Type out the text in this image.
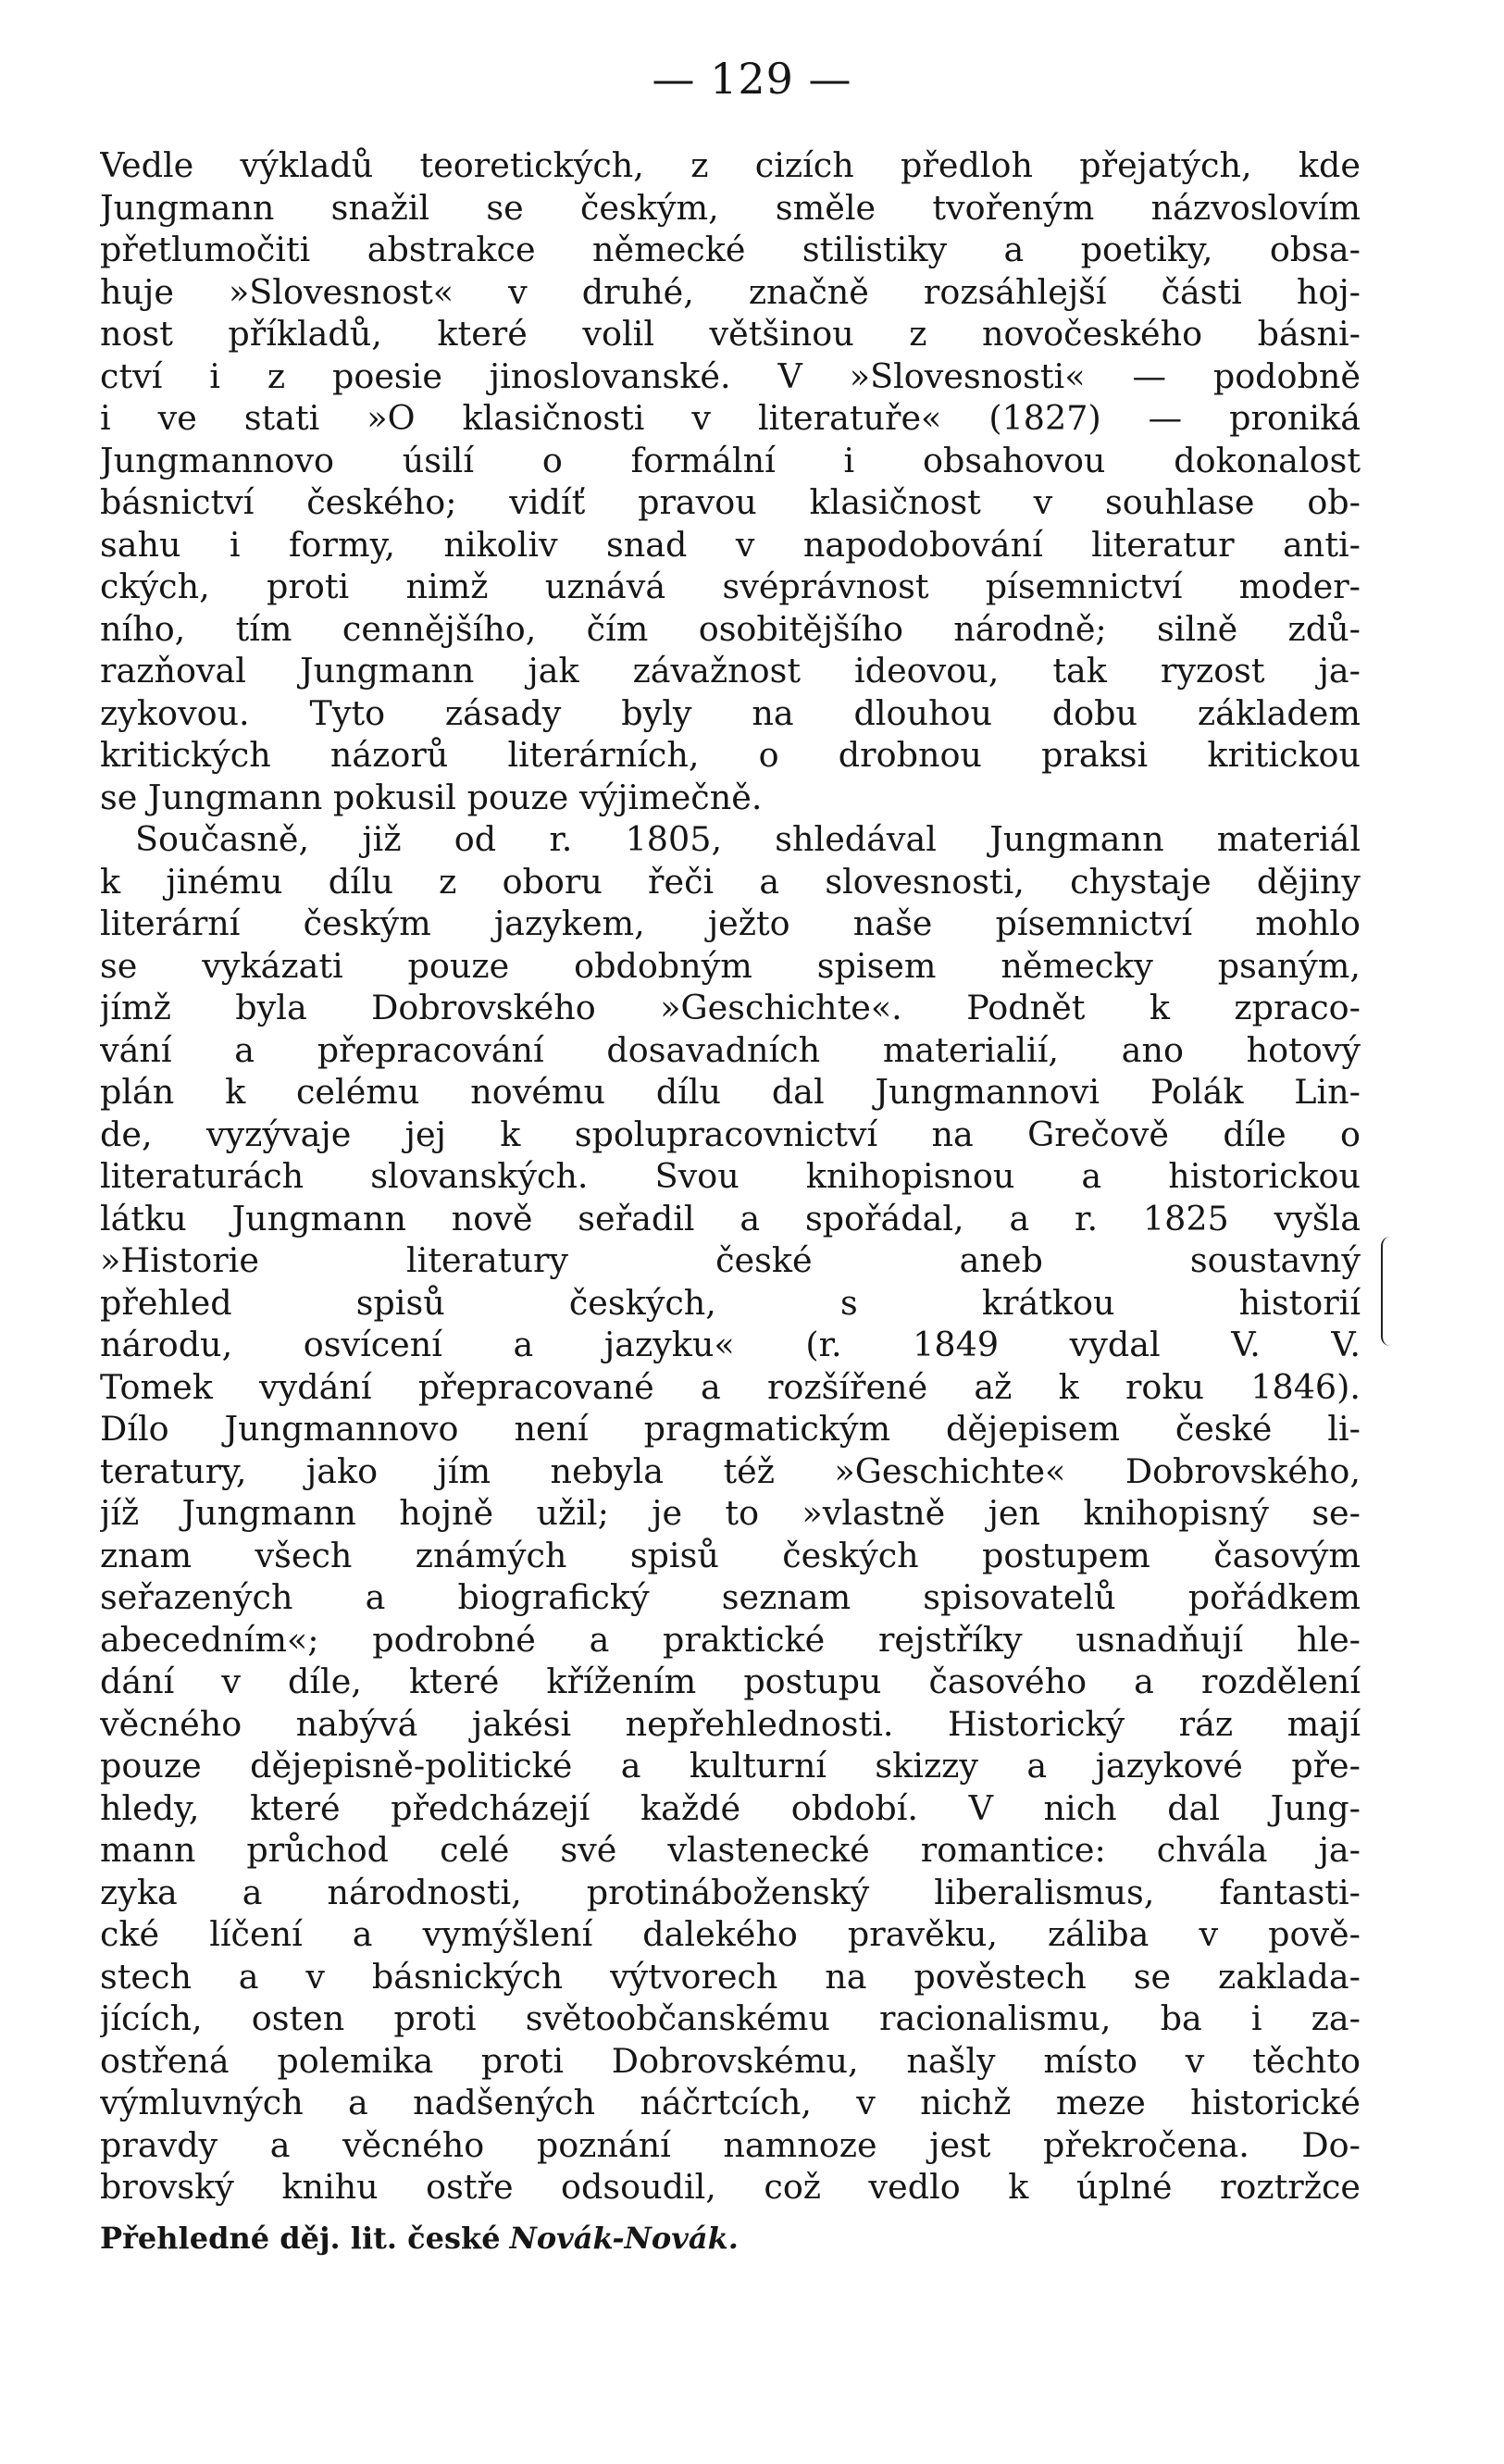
— 129 —
Vedle výkladů teoretických, z cizích předloh přejatých, kde
Jungmann snažil se českým, směle tvořeným názvoslovím
přetlumočiti abstrakce německé stilistiky a poetiky, obsa-
huje »Slovesnost« v druhé, značně rozsáhlejší části hoj-
nost příkladů, které volil většinou z novočeského básni-
ctví i z poesie jinoslovanské. V »Slovesnosti« — podobně
i ve stati »O klasičnosti v literatuře« (1827) — proniká
Jungmannovo úsilí o formální i obsahovou dokonalost
básnictví českého; vidíť pravou klasičnost v souhlase ob-
sahu i formy, nikoliv snad v napodobování literatur anti-
ckých, proti nimž uznává svéprávnost písemnictví moder-
ního, tím cennějšího, čím osobitějšího národně; silně zdů-
razňoval Jungmann jak závažnost ideovou, tak ryzost ja-
zykovou. Tyto zásady byly na dlouhou dobu základem
kritických názorů literárních, o drobnou praksi kritickou
se Jungmann pokusil pouze výjimečně.
Současně, již od r. 1805, shledával Jungmann materiál
k jinému dílu z oboru řeči a slovesnosti, chystaje dějiny
literární českým jazykem, ježto naše písemnictví mohlo
se vykázati pouze obdobným spisem německy psaným,
jímž byla Dobrovského »Geschichte«. Podnět k zpraco-
vání a přepracování dosavadních materialií, ano hotový
plán k celému novému dílu dal Jungmannovi Polák Lin-
de, vyzývaje jej k spolupracovnictví na Grečově díle o
literaturách slovanských. Svou knihopisnou a historickou
látku Jungmann nově seřadil a spořádal, a r. 1825 vyšla
»Historie literatury české aneb soustavný
přehled spisů českých, s krátkou historií
národu, osvícení a jazyku« (r. 1849 vydal V. V.
Tomek vydání přepracované a rozšířené až k roku 1846).
Dílo Jungmannovo není pragmatickým dějepisem české li-
teratury, jako jím nebyla též »Geschichte« Dobrovského,
jíž Jungmann hojně užil; je to »vlastně jen knihopisný se-
znam všech známých spisů českých postupem časovým
seřazených a biografický seznam spisovatelů pořádkem
abecedním«; podrobné a praktické rejstříky usnadňují hle-
dání v díle, které křížením postupu časového a rozdělení
věcného nabývá jakési nepřehlednosti. Historický ráz mají
pouze dějepisně-politické a kulturní skizzy a jazykové pře-
hledy, které předcházejí každé období. V nich dal Jung-
mann průchod celé své vlastenecké romantice: chvála ja-
zyka a národnosti, protináboženský liberalismus, fantasti-
cké líčení a vymýšlení dalekého pravěku, záliba v pově-
stech a v básnických výtvorech na pověstech se zaklada-
jících, osten proti světoobčanskému racionalismu, ba i za-
ostřená polemika proti Dobrovskému, našly místo v těchto
výmluvných a nadšených náčrtcích, v nichž meze historické
pravdy a věcného poznání namnoze jest překročena. Do-
brovský knihu ostře odsoudil, což vedlo k úplné roztržce
Přehledné děj. lit. české Novák-Novák.
